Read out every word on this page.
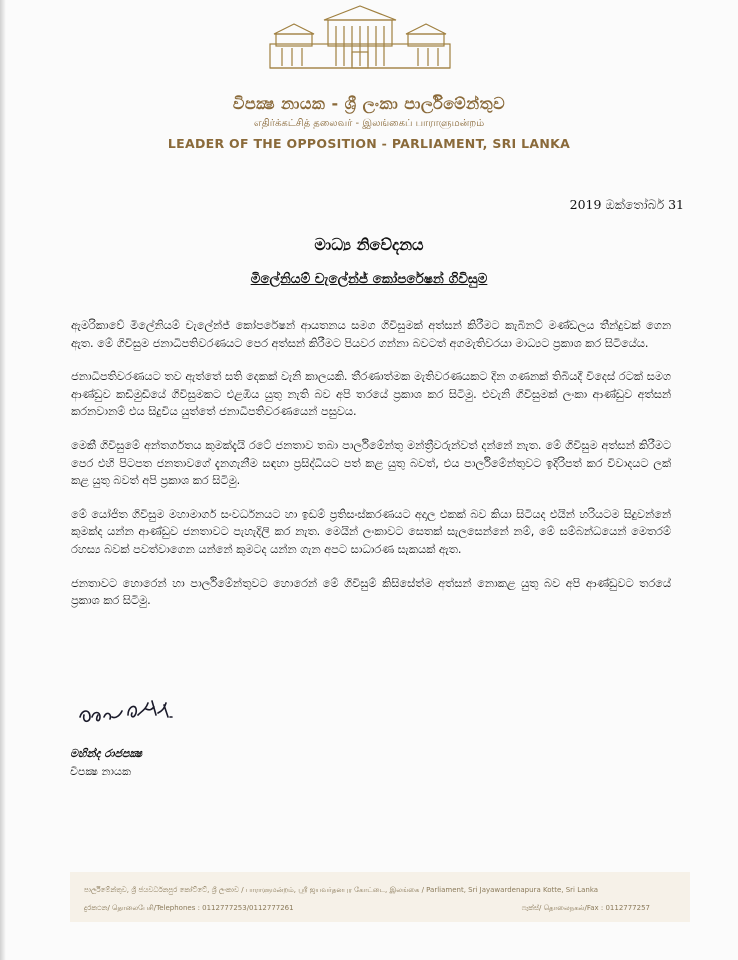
විපක්‍ෂ නායක - ශ්‍රී ලංකා පාර්ලිමේන්තුව
எதிர்க்கட்சித் தலைவர் - இலங்கைப் பாராளுமன்றம்
LEADER OF THE OPPOSITION - PARLIAMENT, SRI LANKA
2019 ඔක්තෝබර් 31
මාධ්‍ය නිවේදනය
මිලේනියම් චැලේන්ජ් කෝපරේෂන් ගිවිසුම

ඇමරිකාවේ මිලේනියම් චැලේන්ජ් කෝපරේෂන් ආයතනය සමග ගිවිසුමක් අත්සන් කිරීමට කැබිනට් මණ්ඩලය තීන්දුවක් ගෙන ඇත. මේ ගිවිසුම ජනාධිපතිවරණයට පෙර අත්සන් කිරීමට පියවර ගන්නා බවටත් අගමැතිවරයා මාධ්‍යට ප්‍රකාශ කර සිටියේය.

ජනාධිපතිවරණයට තව ඇත්තේ සති දෙකක් වැනි කාලයකි. තීරණාත්මක මැතිවරණයකට දින ගණනක් තිබියදී විදෙස් රටක් සමග ආණ්ඩුව කඩිමුඩියේ ගිවිසුමකට එළඹිය යුතු නැති බව අපි තරයේ ප්‍රකාශ කර සිටිමු. එවැනි ගිවිසුමක් ලංකා ආණ්ඩුව අත්සන් කරනවානම් එය සිදුවිය යුත්තේ ජනාධිපතිවරණයෙන් පසුවය.

මෙකී ගිවිසුමේ අන්තර්ගතය කුමක්දැයි රටේ ජනතාව තබා පාර්ලිමේන්තු මන්ත්‍රීවරුන්වත් දන්නේ නැත. මේ ගිවිසුම අත්සන් කිරීමට පෙර එහි පිටපත ජනතාවගේ දැනගැනීම සඳහා ප්‍රසිද්ධියට පත් කළ යුතු බවත්, එය පාර්ලිමේන්තුවට ඉදිරිපත් කර විවාදයට ලක් කළ යුතු බවත් අපි ප්‍රකාශ කර සිටිමු.

මේ යෝජිත ගිවිසුම මහාමාර්ග සංවර්ධනයට හා ඉඩම් ප්‍රතිසංස්කරණයට අදාල එකක් බව කියා සිටියද එයින් හරියටම සිදුවන්නේ කුමක්ද යන්න ආණ්ඩුව ජනතාවට පැහැදිලි කර නැත. මෙයින් ලංකාවට සෙතක් සැලසෙන්නේ නම්, මේ සම්බන්ධයෙන් මෙතරම් රහස්‍ය බවක් පවත්වාගෙන යන්නේ කුමටද යන්න ගැන අපට සාධාරණ සැකයක් ඇත.

ජනතාවට හොරෙන් හා පාර්ලිමේන්තුවට හොරෙන් මේ ගිවිසුම් කිසිසේත්ම අත්සන් නොකළ යුතු බව අපි ආණ්ඩුවට තරයේ ප්‍රකාශ කර සිටිමු.

මහින්ද රාජපක්‍ෂ
විපක්‍ෂ නායක
පාර්ලිමේන්තුව, ශ්‍රී ජයවර්ධනපුර කෝට්ටේ, ශ්‍රී ලංකාව / பாராளுமன்றம், ஸ்ரீ ஜயவர்தனபுர கோட்டை, இலங்கை / Parliament, Sri Jayawardenapura Kotte, Sri Lanka
දුරකථන/ தொலைபேசி/Telephones : 0112777253/0112777261	ෆැක්ස්/ தொலைநகல்/Fax : 0112777257
